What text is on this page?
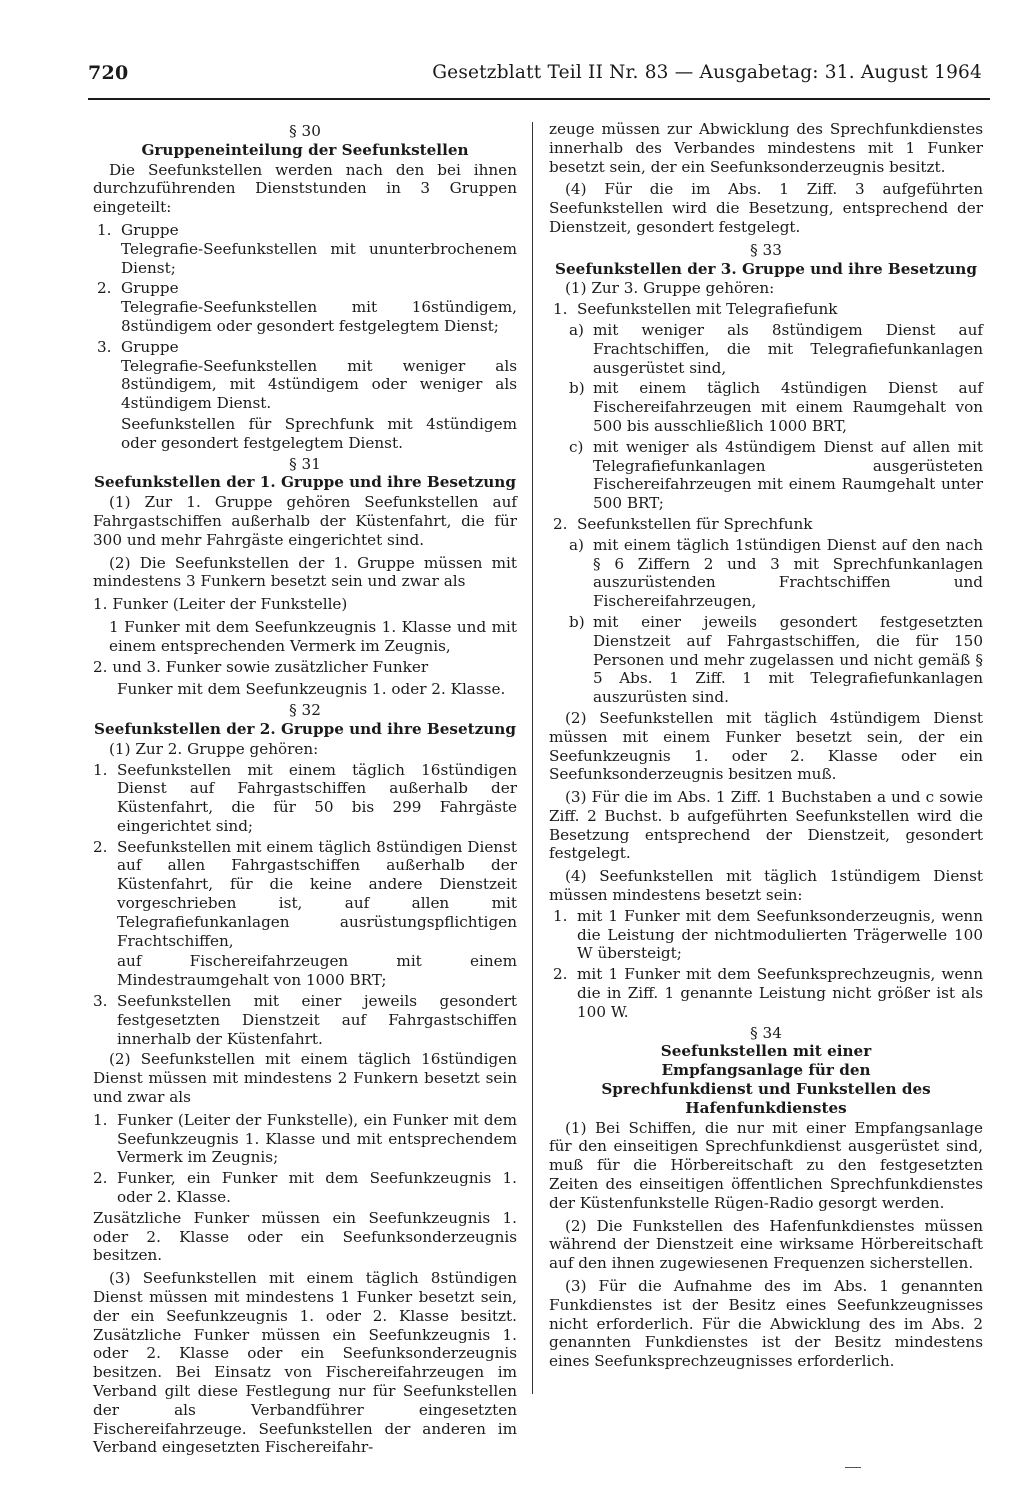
720	Gesetzblatt Teil II Nr. 83 — Ausgabetag: 31. August 1964
§ 30
Gruppeneinteilung der Seefunkstellen
Die Seefunkstellen werden nach den bei ihnen durchzuführenden Dienststunden in 3 Gruppen eingeteilt:
1. Gruppe
Telegrafie-Seefunkstellen mit ununterbrochenem Dienst;
2. Gruppe
Telegrafie-Seefunkstellen mit 16stündigem, 8stündigem oder gesondert festgelegtem Dienst;
3. Gruppe
Telegrafie-Seefunkstellen mit weniger als 8stündigem, mit 4stündigem oder weniger als 4stündigem Dienst.
Seefunkstellen für Sprechfunk mit 4stündigem oder gesondert festgelegtem Dienst.
§ 31
Seefunkstellen der 1. Gruppe und ihre Besetzung
(1) Zur 1. Gruppe gehören Seefunkstellen auf Fahrgastschiffen außerhalb der Küstenfahrt, die für 300 und mehr Fahrgäste eingerichtet sind.
(2) Die Seefunkstellen der 1. Gruppe müssen mit mindestens 3 Funkern besetzt sein und zwar als
1. Funker (Leiter der Funkstelle)
1 Funker mit dem Seefunkzeugnis 1. Klasse und mit einem entsprechenden Vermerk im Zeugnis,
2. und 3. Funker sowie zusätzlicher Funker
Funker mit dem Seefunkzeugnis 1. oder 2. Klasse.
§ 32
Seefunkstellen der 2. Gruppe und ihre Besetzung
(1) Zur 2. Gruppe gehören:
1. Seefunkstellen mit einem täglich 16stündigen Dienst auf Fahrgastschiffen außerhalb der Küstenfahrt, die für 50 bis 299 Fahrgäste eingerichtet sind;
2. Seefunkstellen mit einem täglich 8stündigen Dienst auf allen Fahrgastschiffen außerhalb der Küstenfahrt, für die keine andere Dienstzeit vorgeschrieben ist, auf allen mit Telegrafiefunkanlagen ausrüstungspflichtigen Frachtschiffen,
auf Fischereifahrzeugen mit einem Mindestraumgehalt von 1000 BRT;
3. Seefunkstellen mit einer jeweils gesondert festgesetzten Dienstzeit auf Fahrgastschiffen innerhalb der Küstenfahrt.
(2) Seefunkstellen mit einem täglich 16stündigen Dienst müssen mit mindestens 2 Funkern besetzt sein und zwar als
1. Funker (Leiter der Funkstelle), ein Funker mit dem Seefunkzeugnis 1. Klasse und mit entsprechendem Vermerk im Zeugnis;
2. Funker, ein Funker mit dem Seefunkzeugnis 1. oder 2. Klasse.
Zusätzliche Funker müssen ein Seefunkzeugnis 1. oder 2. Klasse oder ein Seefunksonderzeugnis besitzen.
(3) Seefunkstellen mit einem täglich 8stündigen Dienst müssen mit mindestens 1 Funker besetzt sein, der ein Seefunkzeugnis 1. oder 2. Klasse besitzt. Zusätzliche Funker müssen ein Seefunkzeugnis 1. oder 2. Klasse oder ein Seefunksonderzeugnis besitzen. Bei Einsatz von Fischereifahrzeugen im Verband gilt diese Festlegung nur für Seefunkstellen der als Verbandführer eingesetzten Fischereifahrzeuge. Seefunkstellen der anderen im Verband eingesetzten Fischereifahr-
zeuge müssen zur Abwicklung des Sprechfunkdienstes innerhalb des Verbandes mindestens mit 1 Funker besetzt sein, der ein Seefunksonderzeugnis besitzt.
(4) Für die im Abs. 1 Ziff. 3 aufgeführten Seefunkstellen wird die Besetzung, entsprechend der Dienstzeit, gesondert festgelegt.
§ 33
Seefunkstellen der 3. Gruppe und ihre Besetzung
(1) Zur 3. Gruppe gehören:
1. Seefunkstellen mit Telegrafiefunk
a) mit weniger als 8stündigem Dienst auf Frachtschiffen, die mit Telegrafiefunkanlagen ausgerüstet sind,
b) mit einem täglich 4stündigen Dienst auf Fischereifahrzeugen mit einem Raumgehalt von 500 bis ausschließlich 1000 BRT,
c) mit weniger als 4stündigem Dienst auf allen mit Telegrafiefunkanlagen ausgerüsteten Fischereifahrzeugen mit einem Raumgehalt unter 500 BRT;
2. Seefunkstellen für Sprechfunk
a) mit einem täglich 1stündigen Dienst auf den nach § 6 Ziffern 2 und 3 mit Sprechfunkanlagen auszurüstenden Frachtschiffen und Fischereifahrzeugen,
b) mit einer jeweils gesondert festgesetzten Dienstzeit auf Fahrgastschiffen, die für 150 Personen und mehr zugelassen und nicht gemäß § 5 Abs. 1 Ziff. 1 mit Telegrafiefunkanlagen auszurüsten sind.
(2) Seefunkstellen mit täglich 4stündigem Dienst müssen mit einem Funker besetzt sein, der ein Seefunkzeugnis 1. oder 2. Klasse oder ein Seefunksonderzeugnis besitzen muß.
(3) Für die im Abs. 1 Ziff. 1 Buchstaben a und c sowie Ziff. 2 Buchst. b aufgeführten Seefunkstellen wird die Besetzung entsprechend der Dienstzeit, gesondert festgelegt.
(4) Seefunkstellen mit täglich 1stündigem Dienst müssen mindestens besetzt sein:
1. mit 1 Funker mit dem Seefunksonderzeugnis, wenn die Leistung der nichtmodulierten Trägerwelle 100 W übersteigt;
2. mit 1 Funker mit dem Seefunksprechzeugnis, wenn die in Ziff. 1 genannte Leistung nicht größer ist als 100 W.
§ 34
Seefunkstellen mit einer Empfangsanlage für den Sprechfunkdienst und Funkstellen des Hafenfunkdienstes
(1) Bei Schiffen, die nur mit einer Empfangsanlage für den einseitigen Sprechfunkdienst ausgerüstet sind, muß für die Hörbereitschaft zu den festgesetzten Zeiten des einseitigen öffentlichen Sprechfunkdienstes der Küstenfunkstelle Rügen-Radio gesorgt werden.
(2) Die Funkstellen des Hafenfunkdienstes müssen während der Dienstzeit eine wirksame Hörbereitschaft auf den ihnen zugewiesenen Frequenzen sicherstellen.
(3) Für die Aufnahme des im Abs. 1 genannten Funkdienstes ist der Besitz eines Seefunkzeugnisses nicht erforderlich. Für die Abwicklung des im Abs. 2 genannten Funkdienstes ist der Besitz mindestens eines Seefunksprechzeugnisses erforderlich.
